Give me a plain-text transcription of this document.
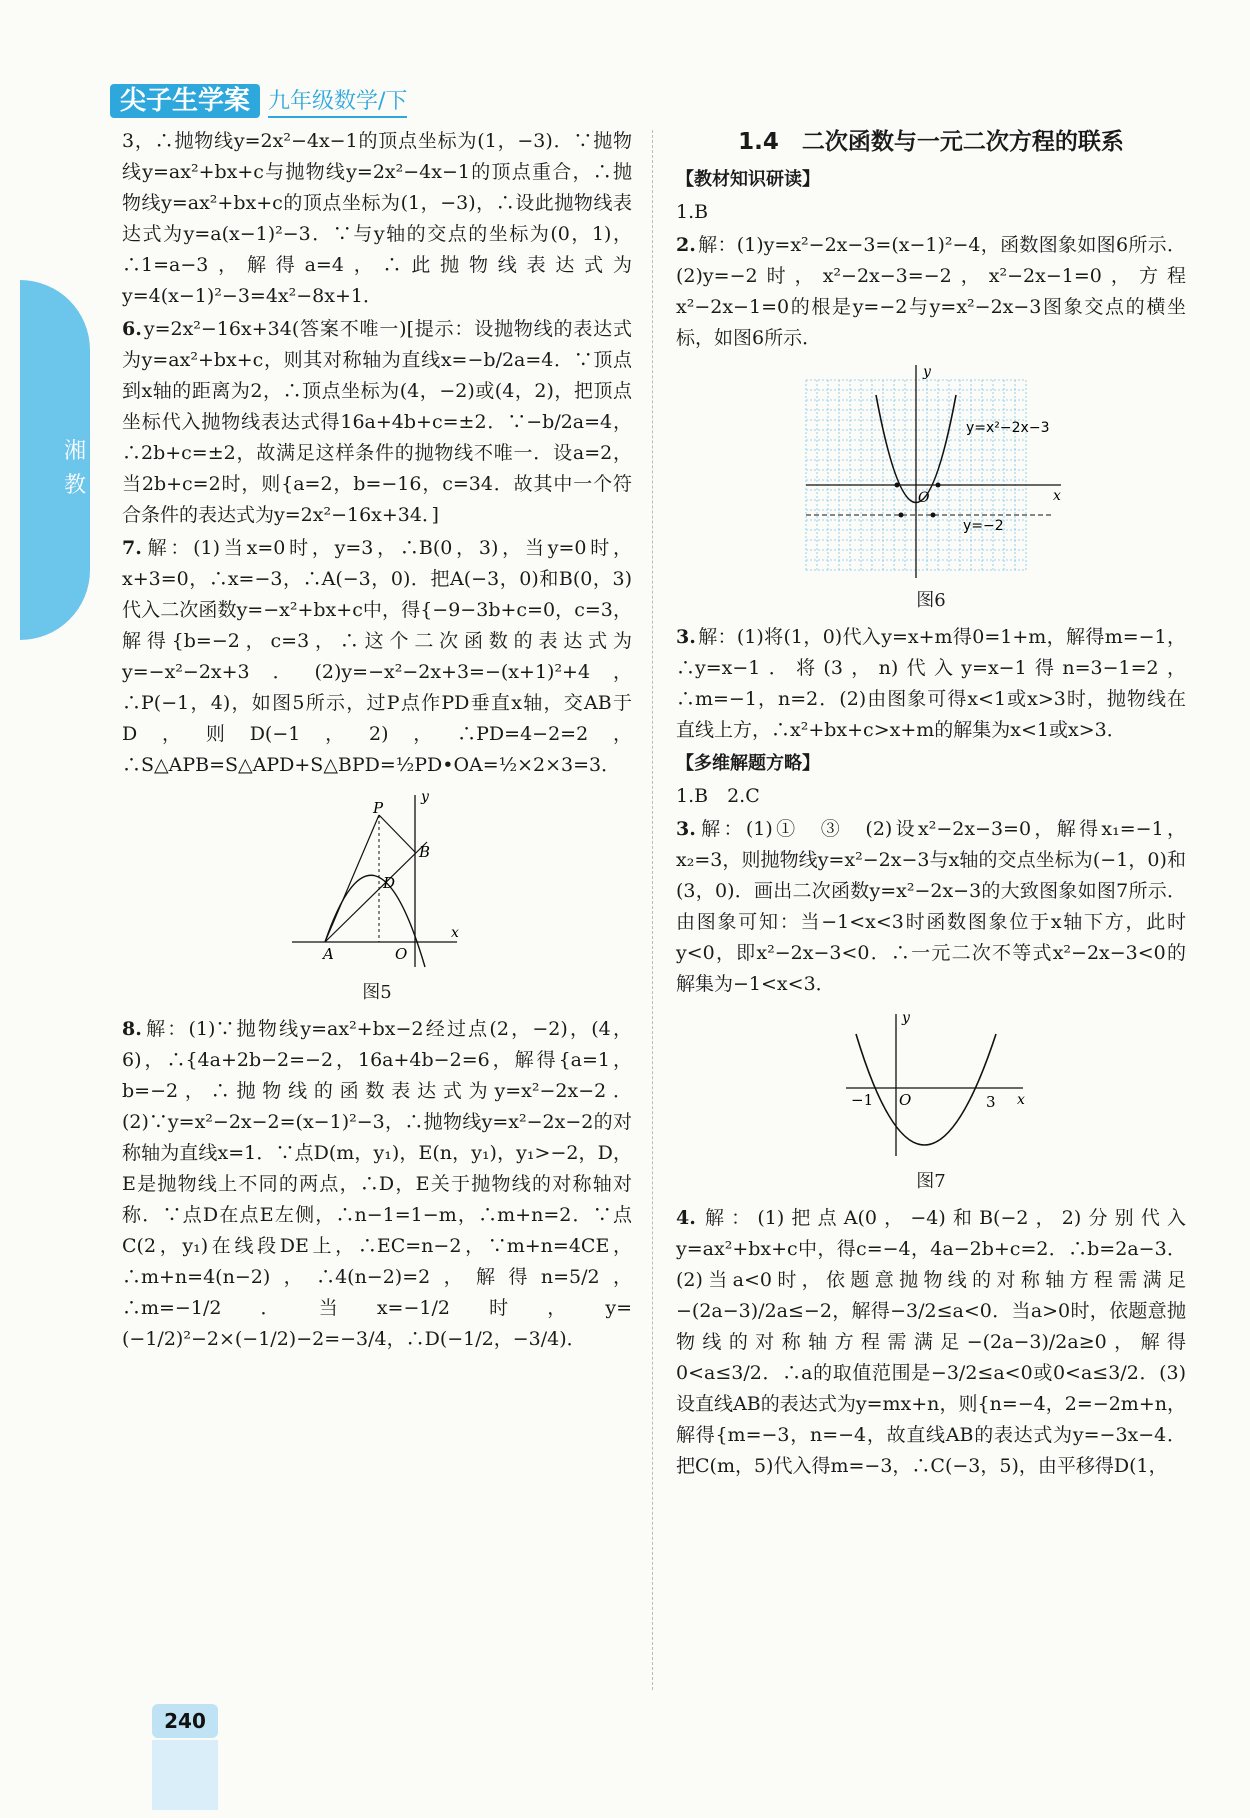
尖子生学案 九年级数学/下
湘教

3，∴抛物线y=2x²−4x−1的顶点坐标为(1，−3)．∵抛物线y=ax²+bx+c与抛物线y=2x²−4x−1的顶点重合，∴抛物线y=ax²+bx+c的顶点坐标为(1，−3)，∴设此抛物线表达式为y=a(x−1)²−3．∵与y轴的交点的坐标为(0，1)，∴1=a−3，解得a=4，∴此抛物线表达式为y=4(x−1)²−3=4x²−8x+1．

6. y=2x²−16x+34(答案不唯一)[提示：设抛物线的表达式为y=ax²+bx+c，则其对称轴为直线x=−b/2a=4．∵顶点到x轴的距离为2，∴顶点坐标为(4，−2)或(4，2)，把顶点坐标代入抛物线表达式得16a+4b+c=±2．∵−b/2a=4，∴2b+c=±2，故满足这样条件的抛物线不唯一．设a=2，当2b+c=2时，则{a=2，b=−16，c=34．故其中一个符合条件的表达式为y=2x²−16x+34．]

7. 解：(1)当x=0时，y=3，∴B(0，3)，当y=0时，x+3=0，∴x=−3，∴A(−3，0)．把A(−3，0)和B(0，3)代入二次函数y=−x²+bx+c中，得{−9−3b+c=0，c=3，解得{b=−2，c=3，∴这个二次函数的表达式为y=−x²−2x+3．(2)y=−x²−2x+3=−(x+1)²+4，∴P(−1，4)，如图5所示，过P点作PD垂直x轴，交AB于D，则D(−1，2)，∴PD=4−2=2，∴S△APB=S△APD+S△BPD=½PD•OA=½×2×3=3．

x
y
O
P
B
D
A
图5

8. 解：(1)∵抛物线y=ax²+bx−2经过点(2，−2)，(4，6)，∴{4a+2b−2=−2，16a+4b−2=6，解得{a=1，b=−2，∴抛物线的函数表达式为y=x²−2x−2．(2)∵y=x²−2x−2=(x−1)²−3，∴抛物线y=x²−2x−2的对称轴为直线x=1．∵点D(m，y₁)，E(n，y₁)，y₁>−2，D，E是抛物线上不同的两点，∴D，E关于抛物线的对称轴对称．∵点D在点E左侧，∴n−1=1−m，∴m+n=2．∵点C(2，y₁)在线段DE上，∴EC=n−2，∵m+n=4CE，∴m+n=4(n−2)，∴4(n−2)=2，解得n=5/2，∴m=−1/2．当x=−1/2时，y=(−1/2)²−2×(−1/2)−2=−3/4，∴D(−1/2，−3/4)．

1.4　二次函数与一元二次方程的联系
【教材知识研读】

1.B

2. 解：(1)y=x²−2x−3=(x−1)²−4，函数图象如图6所示．(2)y=−2时，x²−2x−3=−2，x²−2x−1=0，方程x²−2x−1=0的根是y=−2与y=x²−2x−3图象交点的横坐标，如图6所示．

y=x²−2x−3
y=−2
x
y
O
图6

3. 解：(1)将(1，0)代入y=x+m得0=1+m，解得m=−1，∴y=x−1．将(3，n)代入y=x−1得n=3−1=2，∴m=−1，n=2．(2)由图象可得x<1或x>3时，抛物线在直线上方，∴x²+bx+c>x+m的解集为x<1或x>3．

【多维解题方略】

1.B　2.C

3. 解：(1)①　③　(2)设x²−2x−3=0，解得x₁=−1，x₂=3，则抛物线y=x²−2x−3与x轴的交点坐标为(−1，0)和(3，0)．画出二次函数y=x²−2x−3的大致图象如图7所示．由图象可知：当−1<x<3时函数图象位于x轴下方，此时y<0，即x²−2x−3<0．∴一元二次不等式x²−2x−3<0的解集为−1<x<3．

x
y
O
−1	3
图7

4. 解：(1)把点A(0，−4)和B(−2，2)分别代入y=ax²+bx+c中，得c=−4，4a−2b+c=2．∴b=2a−3．(2)当a<0时，依题意抛物线的对称轴方程需满足−(2a−3)/2a≤−2，解得−3/2≤a<0．当a>0时，依题意抛物线的对称轴方程需满足−(2a−3)/2a≥0，解得0<a≤3/2．∴a的取值范围是−3/2≤a<0或0<a≤3/2．(3)设直线AB的表达式为y=mx+n，则{n=−4，2=−2m+n，解得{m=−3，n=−4，故直线AB的表达式为y=−3x−4．把C(m，5)代入得m=−3，∴C(−3，5)，由平移得D(1，

240
